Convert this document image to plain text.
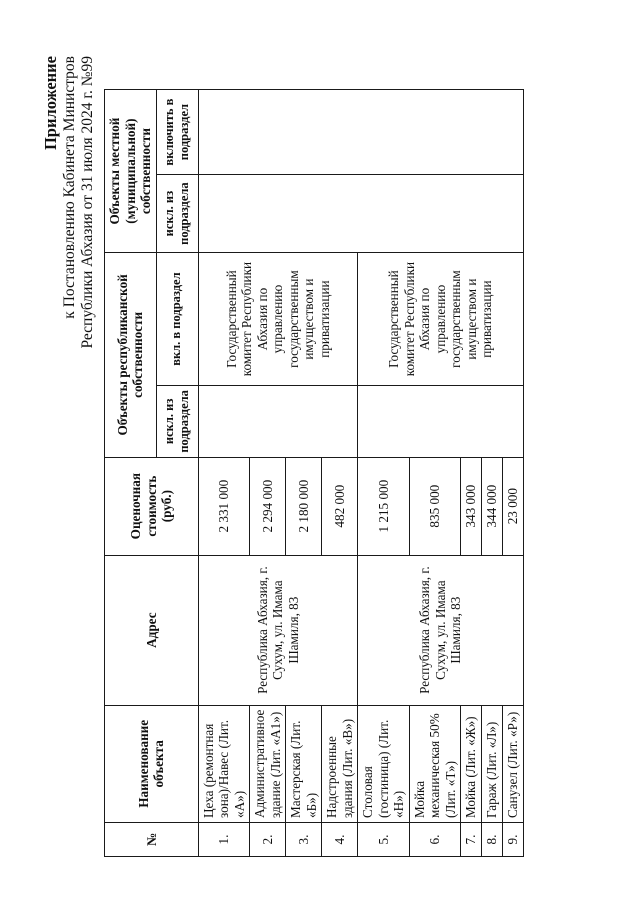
Приложение к Постановлению Кабинета Министров Республики Абхазия от 31 июля 2024 г. №99
№	Наименование объекта	Адрес	Оценочная стоимость (руб.)	Объекты республиканской собственности		Объекты местной (муниципальной) собственности	
				искл. из подраздела	вкл. в подраздел	искл. из подраздела	включить в подраздел
1.	Цеха (ремонтная зона)/Навес (Лит. «А»)	Республика Абхазия, г. Сухум, ул. Имама Шамиля, 83	2 331 000		Государственный комитет Республики Абхазия по управлению государственным имуществом и приватизации		
2.	Административное здание (Лит. «А1»)		2 294 000				
3.	Мастерская (Лит. «Б»)		2 180 000				
4.	Надстроенные здания (Лит. «В»)		482 000				
5.	Столовая (гостиница) (Лит. «Н»)	Республика Абхазия, г. Сухум, ул. Имама Шамиля, 83	1 215 000		Государственный комитет Республики Абхазия по управлению государственным имуществом и приватизации		
6.	Мойка механическая 50% (Лит. «Т»)		835 000				
7.	Мойка (Лит. «Ж»)		343 000				
8.	Гараж (Лит. «Л»)		344 000				
9.	Санузел (Лит. «Р»)		23 000				
